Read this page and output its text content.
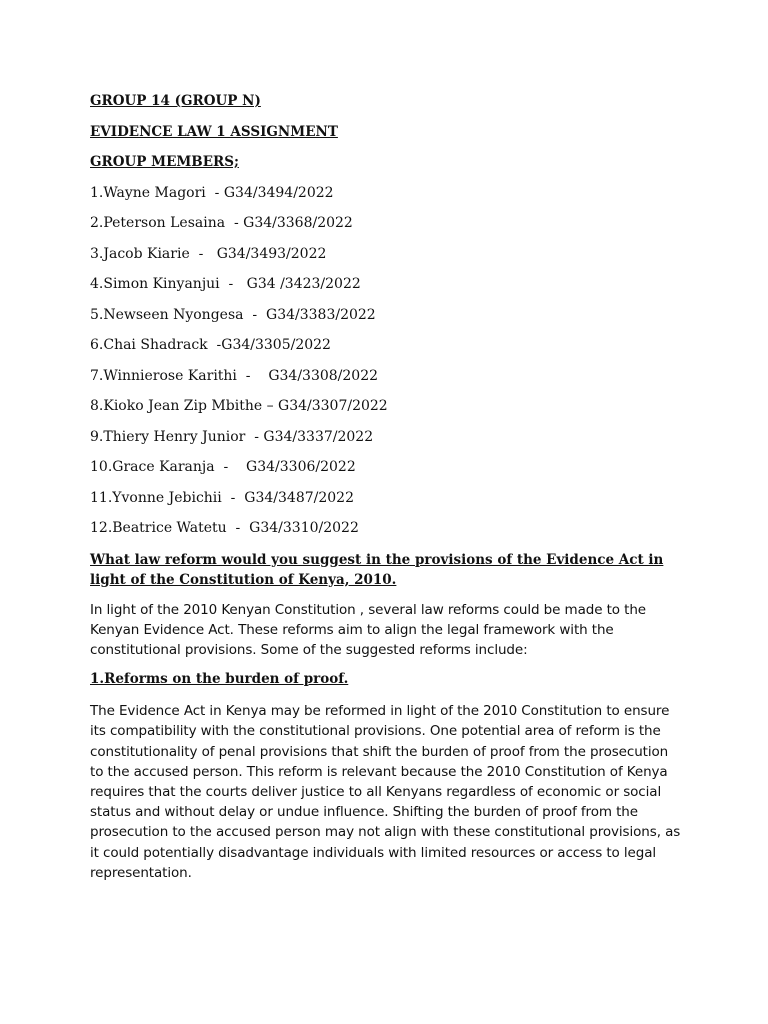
GROUP 14 (GROUP N)
EVIDENCE LAW 1 ASSIGNMENT
GROUP MEMBERS;
1.Wayne Magori  - G34/3494/2022
2.Peterson Lesaina  - G34/3368/2022
3.Jacob Kiarie  -   G34/3493/2022
4.Simon Kinyanjui  -   G34 /3423/2022
5.Newseen Nyongesa  -  G34/3383/2022
6.Chai Shadrack  -G34/3305/2022
7.Winnierose Karithi  -    G34/3308/2022
8.Kioko Jean Zip Mbithe – G34/3307/2022
9.Thiery Henry Junior  - G34/3337/2022
10.Grace Karanja  -    G34/3306/2022
11.Yvonne Jebichii  -  G34/3487/2022
12.Beatrice Watetu  -  G34/3310/2022
What law reform would you suggest in the provisions of the Evidence Act in light of the Constitution of Kenya, 2010.

In light of the 2010 Kenyan Constitution , several law reforms could be made to the Kenyan Evidence Act. These reforms aim to align the legal framework with the constitutional provisions. Some of the suggested reforms include:

1.Reforms on the burden of proof.

The Evidence Act in Kenya may be reformed in light of the 2010 Constitution to ensure its compatibility with the constitutional provisions. One potential area of reform is the constitutionality of penal provisions that shift the burden of proof from the prosecution to the accused person. This reform is relevant because the 2010 Constitution of Kenya requires that the courts deliver justice to all Kenyans regardless of economic or social status and without delay or undue influence. Shifting the burden of proof from the prosecution to the accused person may not align with these constitutional provisions, as it could potentially disadvantage individuals with limited resources or access to legal representation.
